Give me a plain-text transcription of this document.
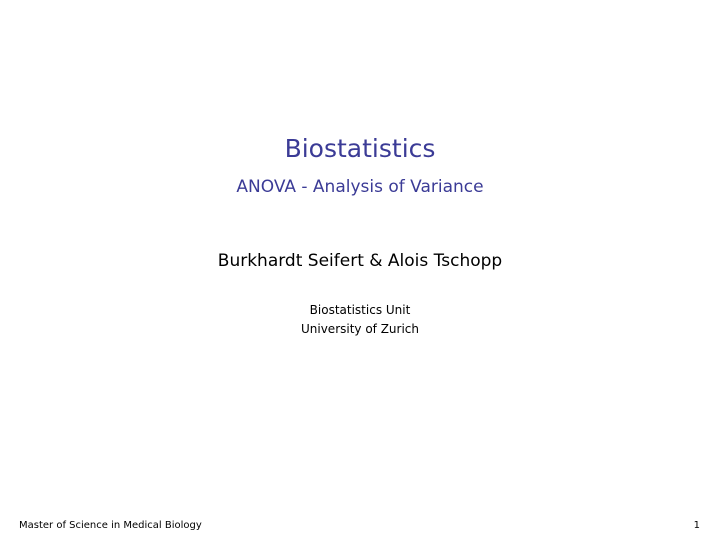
Biostatistics
ANOVA - Analysis of Variance
Burkhardt Seifert & Alois Tschopp
Biostatistics Unit
University of Zurich
Master of Science in Medical Biology	1
